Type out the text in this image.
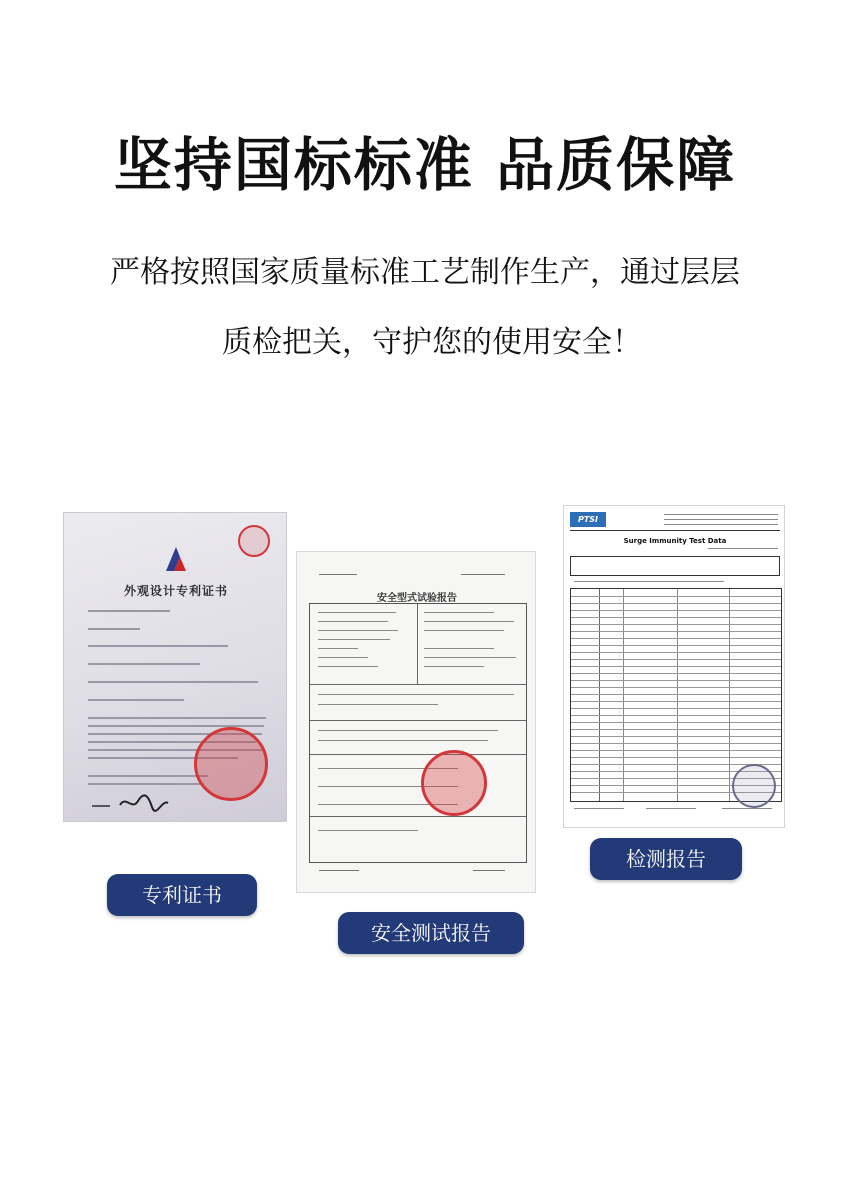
坚持国标标准 品质保障
严格按照国家质量标准工艺制作生产，通过层层
质检把关，守护您的使用安全！
外观设计专利证书
安全型式试验报告
PTSI
Surge Immunity Test Data
专利证书
安全测试报告
检测报告
